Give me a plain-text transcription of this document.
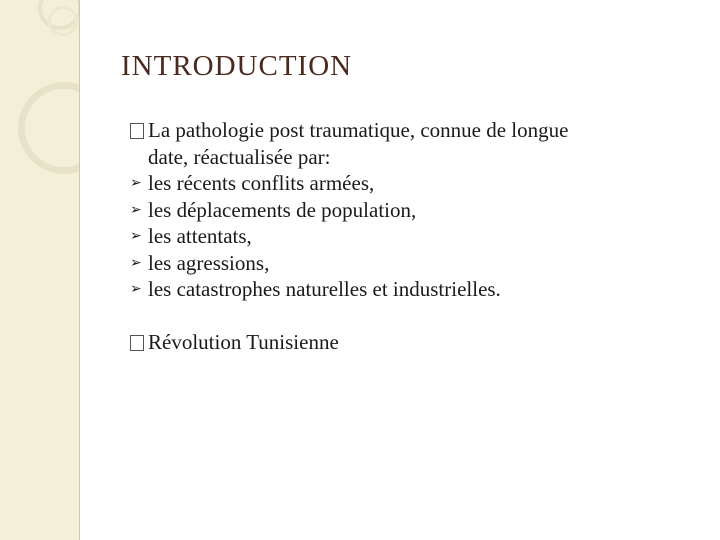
INTRODUCTION
La pathologie post traumatique, connue de longue
date, réactualisée par:
➢ les récents conflits armées,
➢ les déplacements de population,
➢ les attentats,
➢ les agressions,
➢ les catastrophes naturelles et industrielles.
Révolution Tunisienne
